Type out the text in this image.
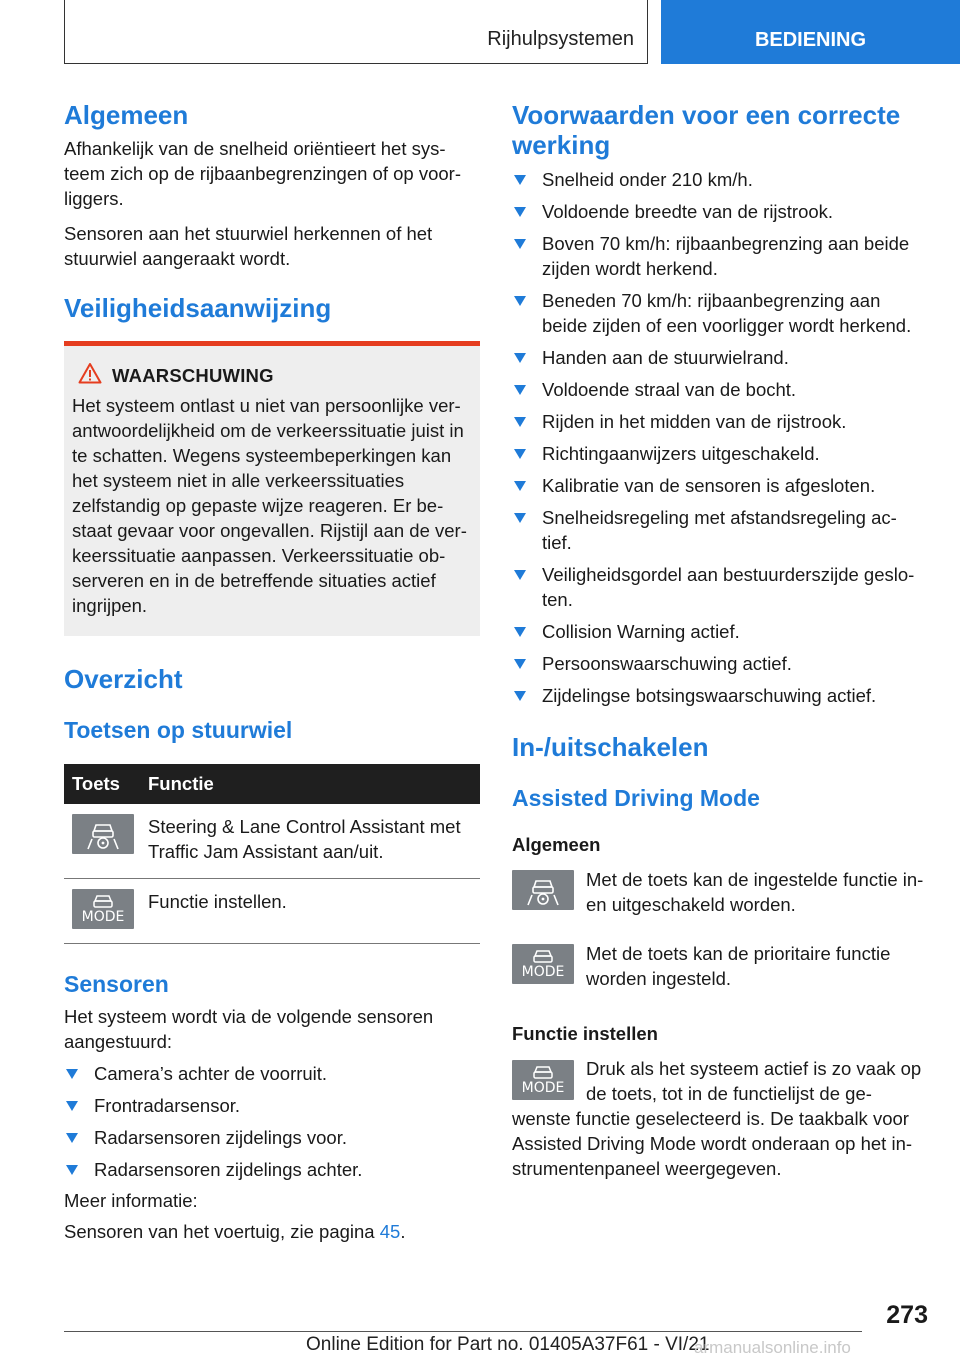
Rijhulpsystemen	BEDIENING
Algemeen

Afhankelijk van de snelheid oriëntieert het sys‐ teem zich op de rijbaanbegrenzingen of op voor‐ liggers.

Sensoren aan het stuurwiel herkennen of het stuurwiel aangeraakt wordt.

Veiligheidsaanwijzing
WAARSCHUWING

Het systeem ontlast u niet van persoonlijke ver‐ antwoordelijkheid om de verkeerssituatie juist in te schatten. Wegens systeembeperkingen kan het systeem niet in alle verkeerssituaties zelfstandig op gepaste wijze reageren. Er be‐ staat gevaar voor ongevallen. Rijstijl aan de ver‐ keerssituatie aanpassen. Verkeerssituatie ob‐ serveren en in de betreffende situaties actief ingrijpen.

Overzicht
Toetsen op stuurwiel
Toets	Functie

	Steering & Lane Control Assistant met Traffic Jam Assistant aan/uit.

MODE	Functie instellen.
Sensoren

Het systeem wordt via de volgende sensoren aangestuurd:

Camera’s achter de voorruit.
Frontradarsensor.
Radarsensoren zijdelings voor.
Radarsensoren zijdelings achter.

Meer informatie:

Sensoren van het voertuig, zie pagina 45.

Voorwaarden voor een correcte werking
Snelheid onder 210 km/h.
Voldoende breedte van de rijstrook.
Boven 70 km/h: rijbaanbegrenzing aan beide zijden wordt herkend.
Beneden 70 km/h: rijbaanbegrenzing aan beide zijden of een voorligger wordt herkend.
Handen aan de stuurwielrand.
Voldoende straal van de bocht.
Rijden in het midden van de rijstrook.
Richtingaanwijzers uitgeschakeld.
Kalibratie van de sensoren is afgesloten.
Snelheidsregeling met afstandsregeling ac‐ tief.
Veiligheidsgordel aan bestuurderszijde geslo‐ ten.
Collision Warning actief.
Persoonswaarschuwing actief.
Zijdelingse botsingswaarschuwing actief.
In-/uitschakelen
Assisted Driving Mode

Algemeen

Met de toets kan de ingestelde functie in- en uitgeschakeld worden.

MODE

Met de toets kan de prioritaire functie worden ingesteld.

Functie instellen

MODE

Druk als het systeem actief is zo vaak op de toets, tot in de functielijst de ge‐ wenste functie geselecteerd is. De taakbalk voor Assisted Driving Mode wordt onderaan op het in‐ strumentenpaneel weergegeven.

273
Online Edition for Part no. 01405A37F61 - VI/21
armanualsonline.info
